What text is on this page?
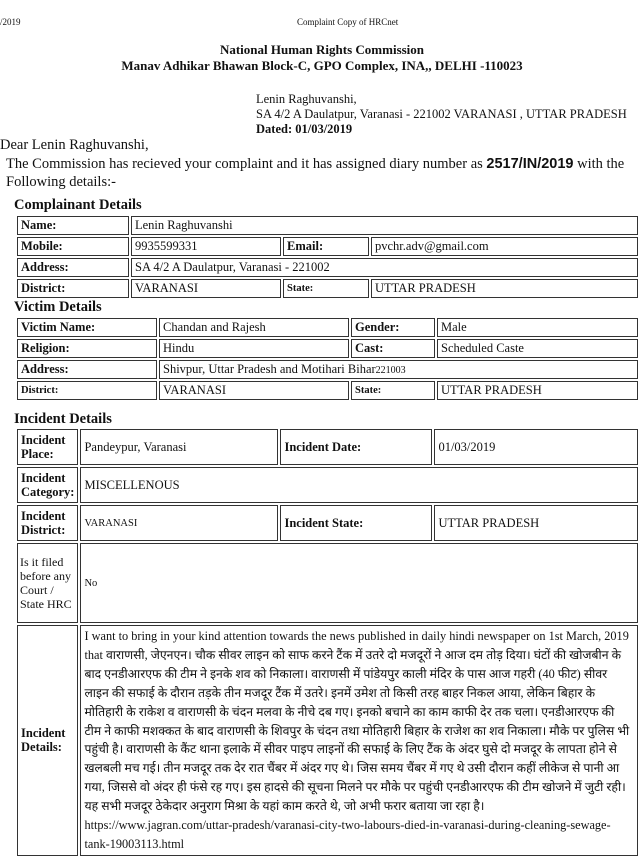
/2019	Complaint Copy of HRCnet
National Human Rights Commission
Manav Adhikar Bhawan Block-C, GPO Complex, INA,, DELHI -110023
Lenin Raghuvanshi,
SA 4/2 A Daulatpur, Varanasi - 221002 VARANASI , UTTAR PRADESH
Dated: 01/03/2019
Dear Lenin Raghuvanshi,
The Commission has recieved your complaint and it has assigned diary number as 2517/IN/2019 with the Following details:-
Complainant Details
Name:	Lenin Raghuvanshi		
Mobile:	9935599331	Email:	pvchr.adv@gmail.com
Address:	SA 4/2 A Daulatpur, Varanasi - 221002		
District:	VARANASI	State:	UTTAR PRADESH
Victim Details
Victim Name:	Chandan and Rajesh	Gender:	Male
Religion:	Hindu	Cast:	Scheduled Caste
Address:	Shivpur, Uttar Pradesh and Motihari Bihar221003		
District:	VARANASI	State:	UTTAR PRADESH
Incident Details
Incident Place:	Pandeypur, Varanasi	Incident Date:	01/03/2019
Incident Category:	MISCELLENOUS		
Incident District:	VARANASI	Incident State:	UTTAR PRADESH
Is it filed before any Court / State HRC	No		
Incident Details:	I want to bring in your kind attention towards the news published in daily hindi newspaper on 1st March, 2019 that वाराणसी, जेएनएन। चौक सीवर लाइन को साफ करने टैंक में उतरे दो मजदूरों ने आज दम तोड़ दिया। घंटों की खोजबीन के बाद एनडीआरएफ की टीम ने इनके शव को निकाला। वाराणसी में पांडेयपुर काली मंदिर के पास आज गहरी (40 फीट) सीवर लाइन की सफाई के दौरान तड़के तीन मजदूर टैंक में उतरे। इनमें उमेश तो किसी तरह बाहर निकल आया, लेकिन बिहार के मोतिहारी के राकेश व वाराणसी के चंदन मलवा के नीचे दब गए। इनको बचाने का काम काफी देर तक चला। एनडीआरएफ की टीम ने काफी मशक्कत के बाद वाराणसी के शिवपुर के चंदन तथा मोतिहारी बिहार के राजेश का शव निकाला। मौके पर पुलिस भी पहुंची है। वाराणसी के कैंट थाना इलाके में सीवर पाइप लाइनों की सफाई के लिए टैंक के अंदर घुसे दो मजदूर के लापता होने से खलबली मच गई। तीन मजदूर तक देर रात चैंबर में अंदर गए थे। जिस समय चैंबर में गए थे उसी दौरान कहीं लीकेज से पानी आ गया, जिससे वो अंदर ही फंसे रह गए। इस हादसे की सूचना मिलने पर मौके पर पहुंची एनडीआरएफ की टीम खोजने में जुटी रही। यह सभी मजदूर ठेकेदार अनुराग मिश्रा के यहां काम करते थे, जो अभी फरार बताया जा रहा है। https://www.jagran.com/uttar-pradesh/varanasi-city-two-labours-died-in-varanasi-during-cleaning-sewage-tank-19003113.html		
